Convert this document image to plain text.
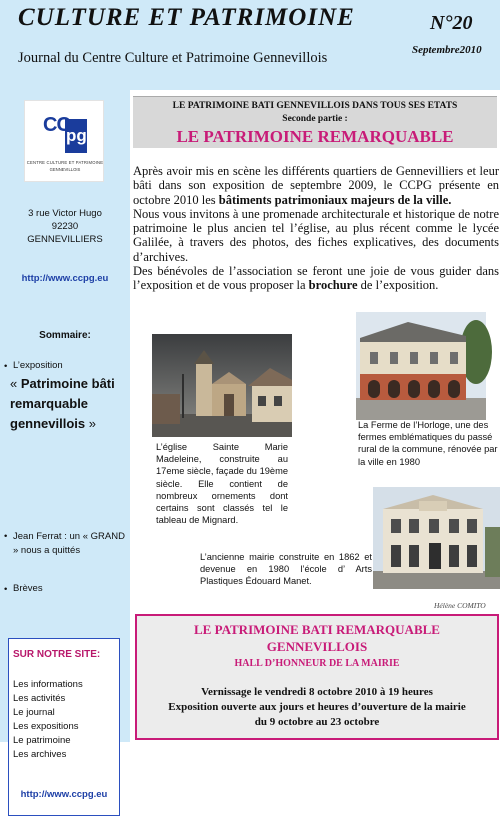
CULTURE ET PATRIMOINE
Journal du Centre Culture et Patrimoine Gennevillois
N°20
Septembre2010
CC
pg
CENTRE CULTURE ET PATRIMOINE
GENNEVILLOIS
3 rue Victor Hugo
92230
GENNEVILLIERS
http://www.ccpg.eu
Sommaire:
• L’exposition
« Patrimoine bâti remarquable gennevillois »
• Jean Ferrat : un « GRAND » nous a quittés
• Brèves
SUR NOTRE SITE:
Les informations
Les activités
Le journal
Les expositions
Le patrimoine
Les archives
http://www.ccpg.eu
LE PATRIMOINE BATI GENNEVILLOIS DANS TOUS SES ETATS
Seconde partie :
LE PATRIMOINE REMARQUABLE

Après avoir mis en scène les différents quartiers de Gennevilliers et leur bâti dans son exposition de septembre 2009, le CCPG présente en octobre 2010 les bâtiments patrimoniaux majeurs de la ville.

Nous vous invitons à une promenade architecturale et historique de notre patrimoine le plus ancien tel l’église, au plus récent comme le lycée Galilée, à travers des photos, des fiches explicatives, des documents d’archives.

Des bénévoles de l’association se feront une joie de vous guider dans l’exposition et de vous proposer la brochure de l’exposition.

L’église Sainte Marie Madeleine, construite au 17eme siècle, façade du 19ème siècle. Elle contient de nombreux ornements dont certains sont classés tel le tableau de Mignard.
La Ferme de l’Horloge, une des fermes emblématiques du passé rural de la commune, rénovée par la ville en 1980
L’ancienne mairie construite en 1862 et devenue en 1980 l’école d’ Arts Plastiques Édouard Manet.
Hélène COMITO
LE PATRIMOINE BATI REMARQUABLE
GENNEVILLOIS
HALL D’HONNEUR DE LA MAIRIE
Vernissage le vendredi 8 octobre 2010 à 19 heures
Exposition ouverte aux jours et heures d’ouverture de la mairie
du 9 octobre au 23 octobre
